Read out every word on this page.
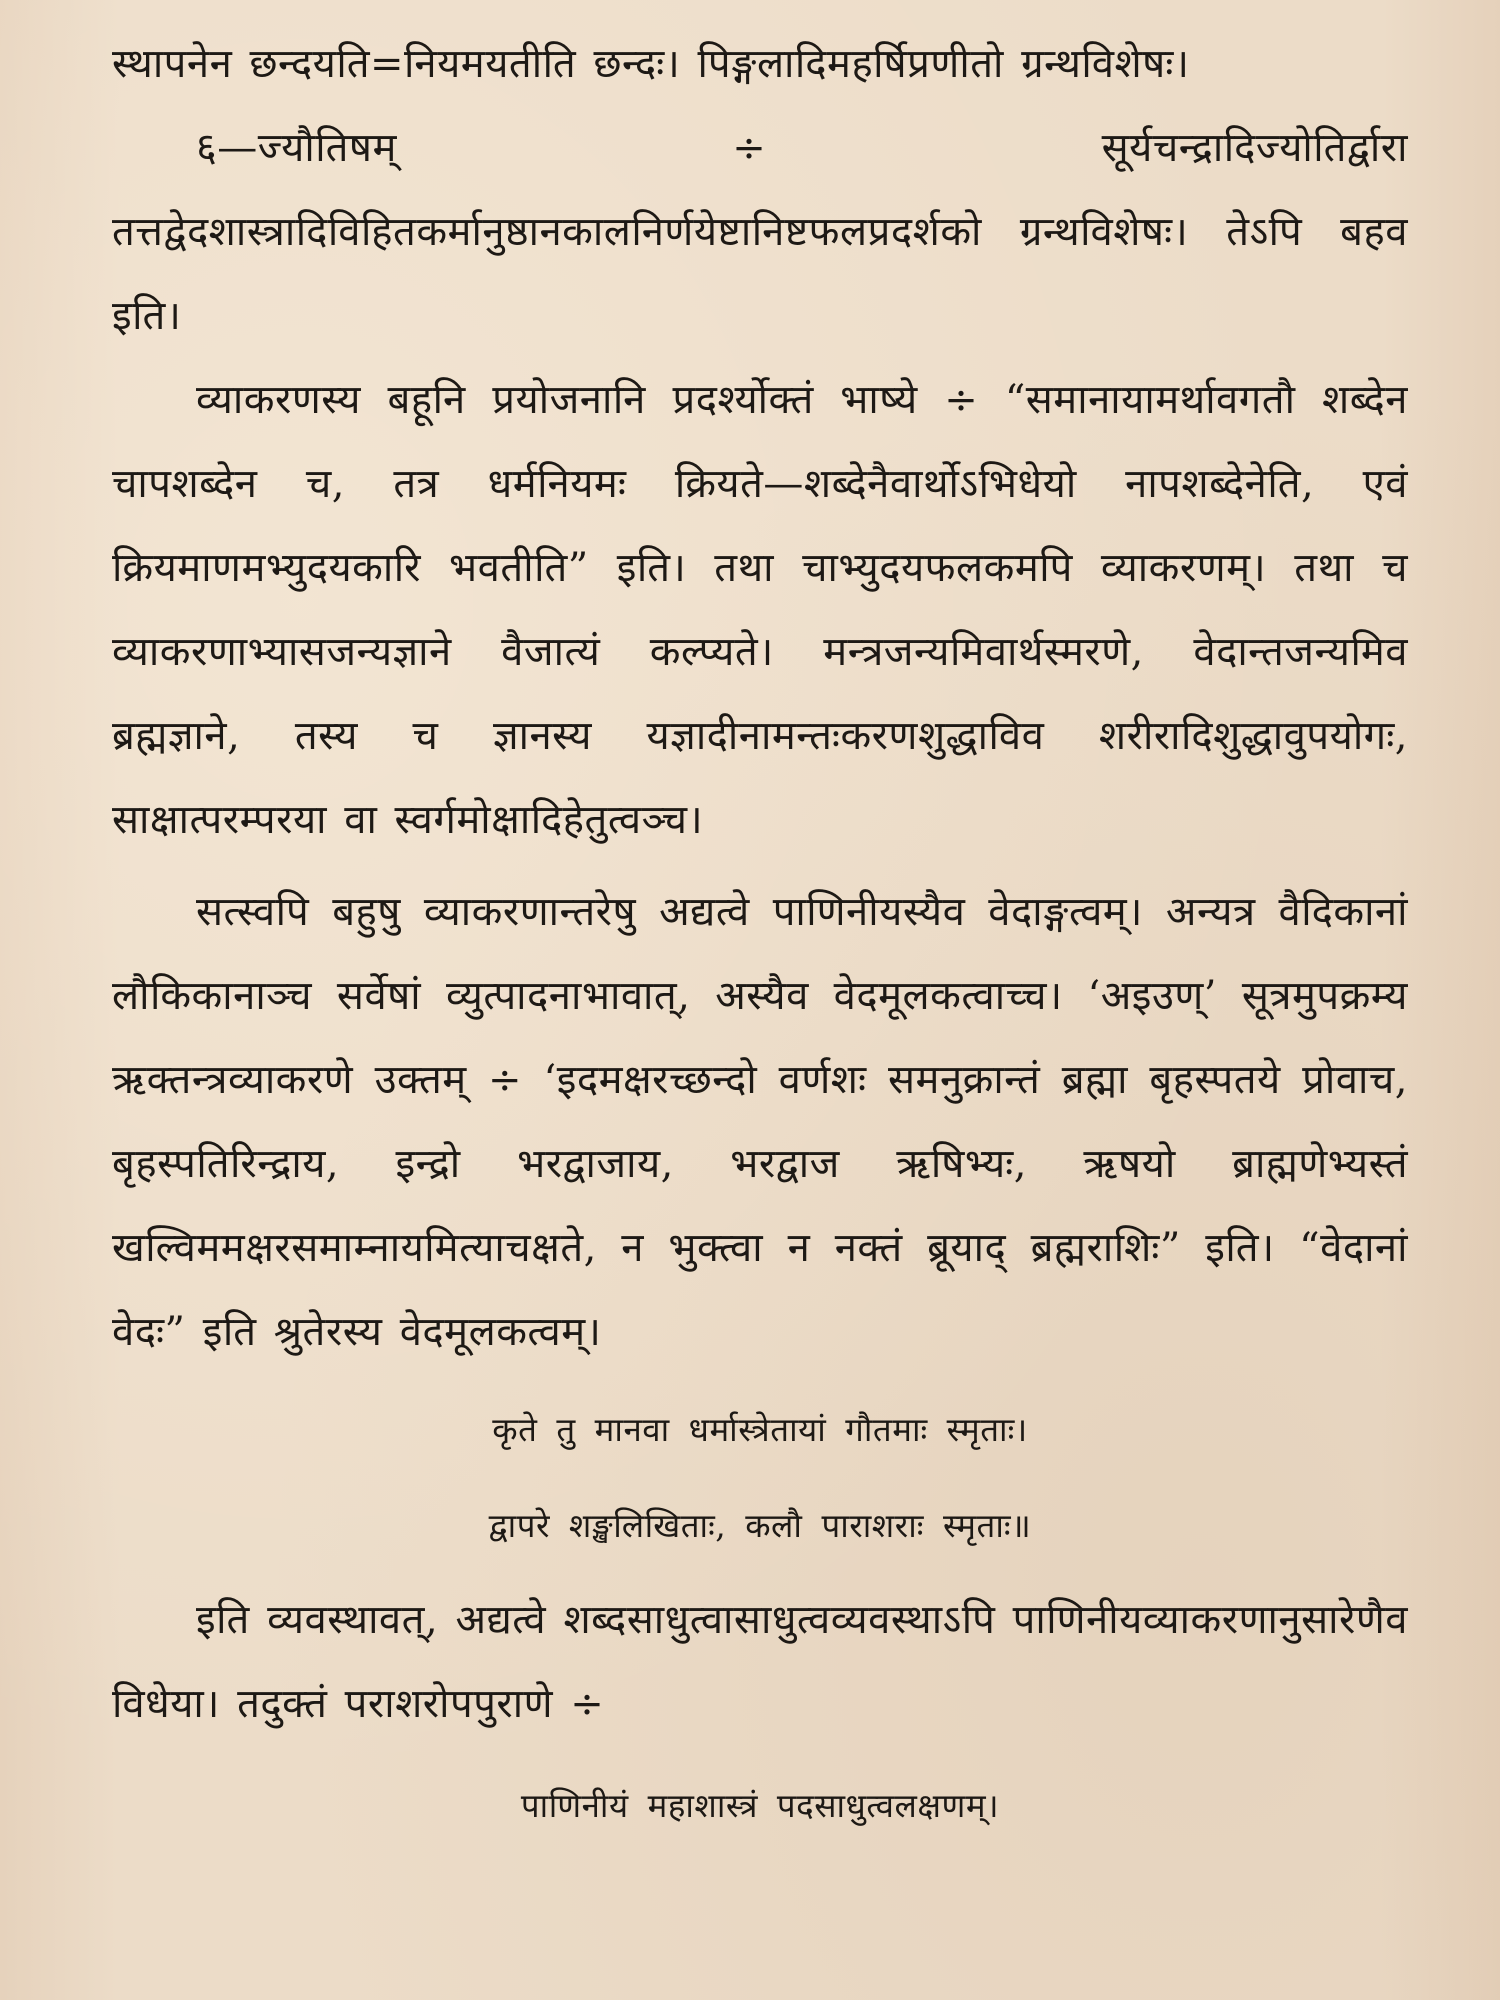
स्थापनेन छन्दयति=नियमयतीति छन्दः। पिङ्गलादिमहर्षिप्रणीतो ग्रन्थविशेषः।

६—ज्यौतिषम् ÷ सूर्यचन्द्रादिज्योतिर्द्वारा तत्तद्वेदशास्त्रादिविहितकर्मानुष्ठानकालनिर्णयेष्टानिष्टफलप्रदर्शको ग्रन्थविशेषः। तेऽपि बहव इति।

व्याकरणस्य बहूनि प्रयोजनानि प्रदर्श्योक्तं भाष्ये ÷ “समानायामर्थावगतौ शब्देन चापशब्देन च, तत्र धर्मनियमः क्रियते—शब्देनैवार्थोऽभिधेयो नापशब्देनेति, एवं क्रियमाणमभ्युदयकारि भवतीति” इति। तथा चाभ्युदयफलकमपि व्याकरणम्। तथा च व्याकरणाभ्यासजन्यज्ञाने वैजात्यं कल्प्यते। मन्त्रजन्यमिवार्थस्मरणे, वेदान्तजन्यमिव ब्रह्मज्ञाने, तस्य च ज्ञानस्य यज्ञादीनामन्तःकरणशुद्धाविव शरीरादिशुद्धावुपयोगः, साक्षात्परम्परया वा स्वर्गमोक्षादिहेतुत्वञ्च।

सत्स्वपि बहुषु व्याकरणान्तरेषु अद्यत्वे पाणिनीयस्यैव वेदाङ्गत्वम्। अन्यत्र वैदिकानां लौकिकानाञ्च सर्वेषां व्युत्पादनाभावात्, अस्यैव वेदमूलकत्वाच्च। ‘अइउण्’ सूत्रमुपक्रम्य ऋक्तन्त्रव्याकरणे उक्तम् ÷ ‘इदमक्षरच्छन्दो वर्णशः समनुक्रान्तं ब्रह्मा बृहस्पतये प्रोवाच, बृहस्पतिरिन्द्राय, इन्द्रो भरद्वाजाय, भरद्वाज ऋषिभ्यः, ऋषयो ब्राह्मणेभ्यस्तं खल्विममक्षरसमाम्नायमित्याचक्षते, न भुक्त्वा न नक्तं ब्रूयाद् ब्रह्मराशिः” इति। “वेदानां वेदः” इति श्रुतेरस्य वेदमूलकत्वम्।

कृते तु मानवा धर्मास्त्रेतायां गौतमाः स्मृताः।

द्वापरे शङ्खलिखिताः, कलौ पाराशराः स्मृताः॥

इति व्यवस्थावत्, अद्यत्वे शब्दसाधुत्वासाधुत्वव्यवस्थाऽपि पाणिनीयव्याकरणानुसारेणैव विधेया। तदुक्तं पराशरोपपुराणे ÷

पाणिनीयं महाशास्त्रं पदसाधुत्वलक्षणम्।
